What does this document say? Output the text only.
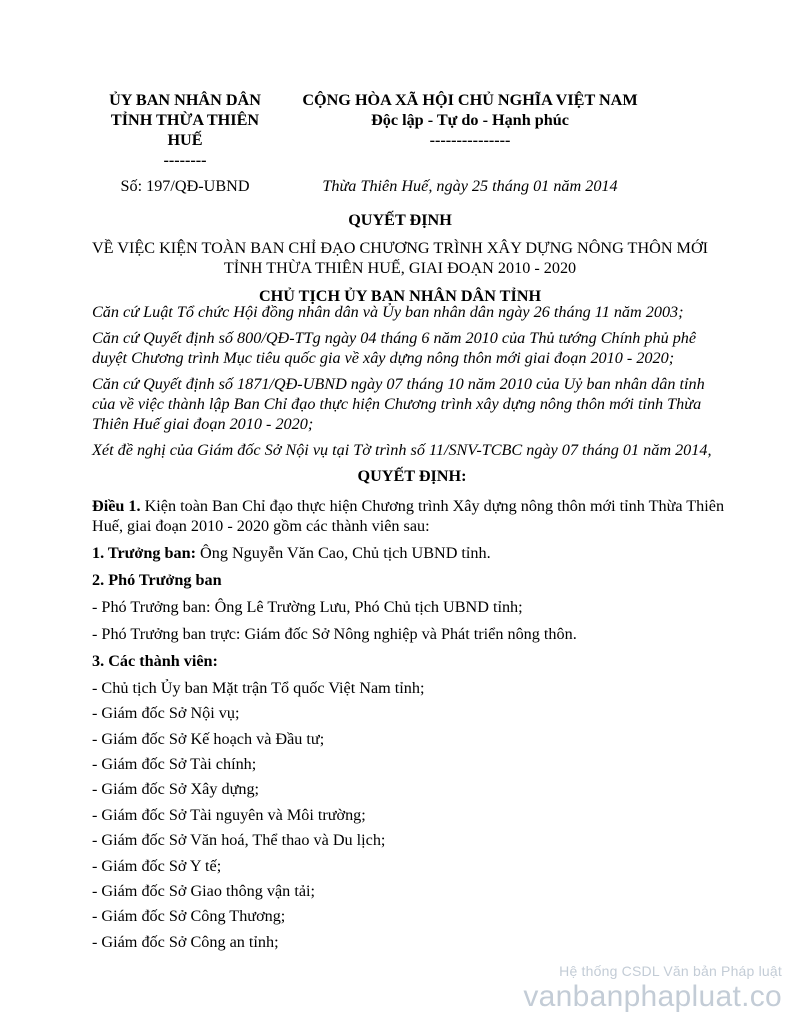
ỦY BAN NHÂN DÂN
TỈNH THỪA THIÊN
HUẾ
--------
Số: 197/QĐ-UBND
CỘNG HÒA XÃ HỘI CHỦ NGHĨA VIỆT NAM
Độc lập - Tự do - Hạnh phúc
---------------
Thừa Thiên Huế, ngày 25 tháng 01 năm 2014
QUYẾT ĐỊNH
VỀ VIỆC KIỆN TOÀN BAN CHỈ ĐẠO CHƯƠNG TRÌNH XÂY DỰNG NÔNG THÔN MỚI
TỈNH THỪA THIÊN HUẾ, GIAI ĐOẠN 2010 - 2020
CHỦ TỊCH ỦY BAN NHÂN DÂN TỈNH

Căn cứ Luật Tổ chức Hội đồng nhân dân và Ủy ban nhân dân ngày 26 tháng 11 năm 2003;

Căn cứ Quyết định số 800/QĐ-TTg ngày 04 tháng 6 năm 2010 của Thủ tướng Chính phủ phê duyệt Chương trình Mục tiêu quốc gia về xây dựng nông thôn mới giai đoạn 2010 - 2020;

Căn cứ Quyết định số 1871/QĐ-UBND ngày 07 tháng 10 năm 2010 của Uỷ ban nhân dân tỉnh của về việc thành lập Ban Chỉ đạo thực hiện Chương trình xây dựng nông thôn mới tỉnh Thừa Thiên Huế giai đoạn 2010 - 2020;

Xét đề nghị của Giám đốc Sở Nội vụ tại Tờ trình số 11/SNV-TCBC ngày 07 tháng 01 năm 2014,

QUYẾT ĐỊNH:

Điều 1. Kiện toàn Ban Chỉ đạo thực hiện Chương trình Xây dựng nông thôn mới tỉnh Thừa Thiên Huế, giai đoạn 2010 - 2020 gồm các thành viên sau:

1. Trưởng ban: Ông Nguyễn Văn Cao, Chủ tịch UBND tỉnh.

2. Phó Trưởng ban

- Phó Trưởng ban: Ông Lê Trường Lưu, Phó Chủ tịch UBND tỉnh;

- Phó Trưởng ban trực: Giám đốc Sở Nông nghiệp và Phát triển nông thôn.

3. Các thành viên:

- Chủ tịch Ủy ban Mặt trận Tổ quốc Việt Nam tỉnh;
- Giám đốc Sở Nội vụ;
- Giám đốc Sở Kế hoạch và Đầu tư;
- Giám đốc Sở Tài chính;
- Giám đốc Sở Xây dựng;
- Giám đốc Sở Tài nguyên và Môi trường;
- Giám đốc Sở Văn hoá, Thể thao và Du lịch;
- Giám đốc Sở Y tế;
- Giám đốc Sở Giao thông vận tải;
- Giám đốc Sở Công Thương;
- Giám đốc Sở Công an tỉnh;
Hệ thống CSDL Văn bản Pháp luật
vanbanphapluat.co
